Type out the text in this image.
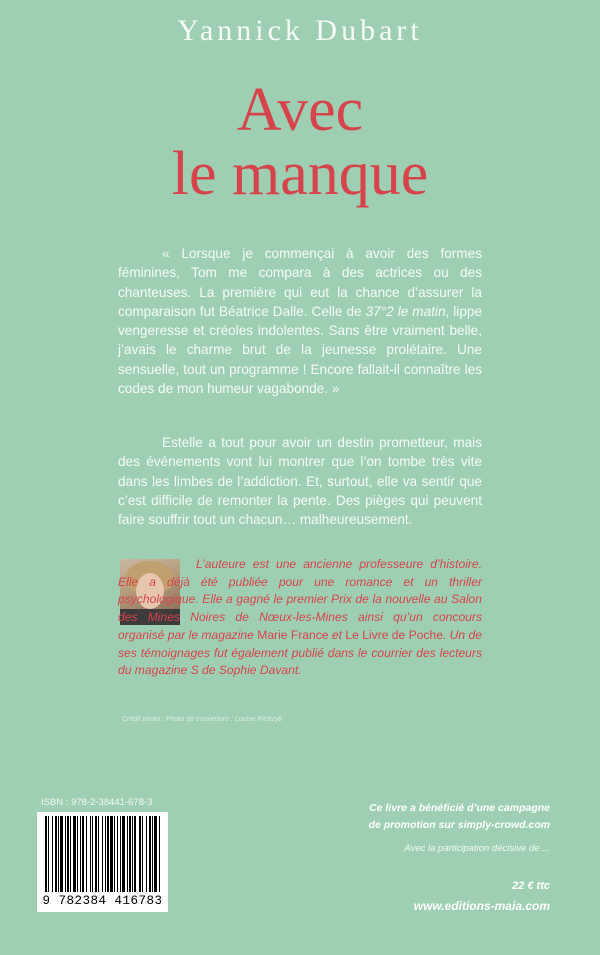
Yannick Dubart
Avec
le manque
« Lorsque je commençai à avoir des formes féminines, Tom me compara à des actrices ou des chanteuses. La première qui eut la chance d’assurer la comparaison fut Béatrice Dalle. Celle de 37°2 le matin, lippe vengeresse et créoles indolentes. Sans être vraiment belle, j’avais le charme brut de la jeunesse prolétaire. Une sensuelle, tout un programme ! Encore fallait-il connaître les codes de mon humeur vagabonde. »
Estelle a tout pour avoir un destin prometteur, mais des événements vont lui montrer que l’on tombe très vite dans les limbes de l’addiction. Et, surtout, elle va sentir que c’est difficile de remonter la pente. Des pièges qui peuvent faire souffrir tout un chacun… malheureusement.
L’auteure est une ancienne professeure d’histoire. Elle a déjà été publiée pour une romance et un thriller psychologique. Elle a gagné le premier Prix de la nouvelle au Salon des Mines Noires de Nœux-les-Mines ainsi qu’un concours organisé par le magazine Marie France et Le Livre de Poche. Un de ses témoignages fut également publié dans le courrier des lecteurs du magazine S de Sophie Davant.
Crédit photo : Photo de couverture : Louise Pietrzyk
ISBN : 978-2-38441-678-3
9 782384 416783
Ce livre a bénéficié d’une campagne
de promotion sur simply-crowd.com
Avec la participation décisive de ...
22 € ttc
www.editions-maia.com
